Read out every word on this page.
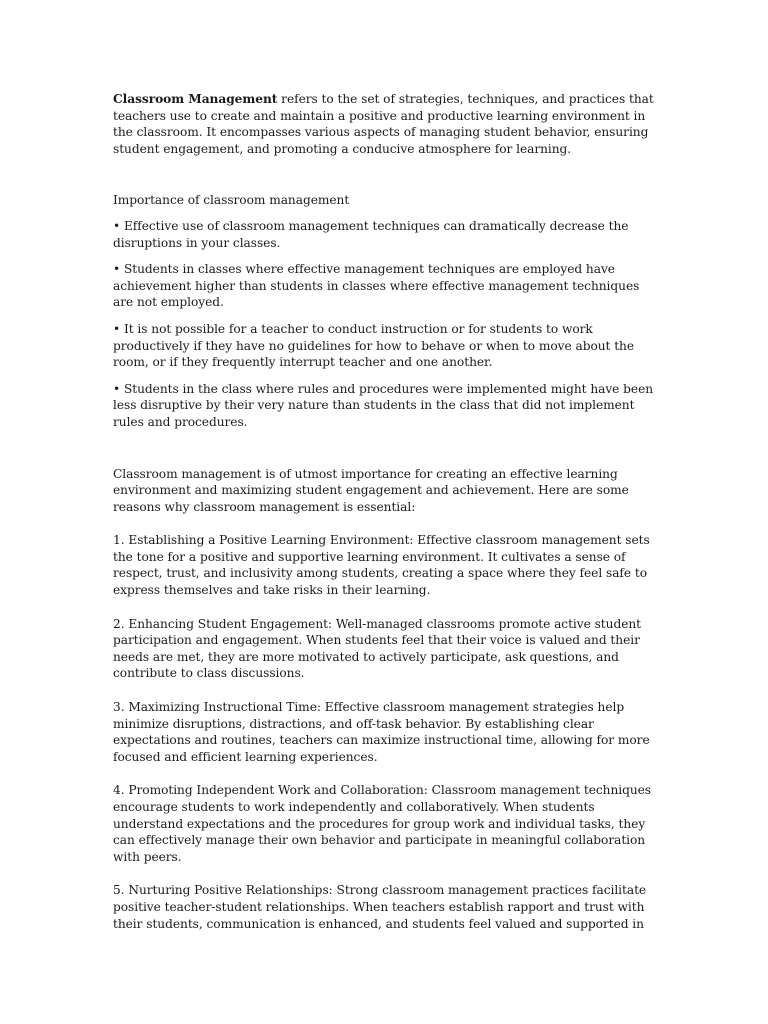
Classroom Management refers to the set of strategies, techniques, and practices that teachers use to create and maintain a positive and productive learning environment in the classroom. It encompasses various aspects of managing student behavior, ensuring student engagement, and promoting a conducive atmosphere for learning.

Importance of classroom management

• Effective use of classroom management techniques can dramatically decrease the disruptions in your classes.

• Students in classes where effective management techniques are employed have achievement higher than students in classes where effective management techniques are not employed.

• It is not possible for a teacher to conduct instruction or for students to work productively if they have no guidelines for how to behave or when to move about the room, or if they frequently interrupt teacher and one another.

• Students in the class where rules and procedures were implemented might have been less disruptive by their very nature than students in the class that did not implement rules and procedures.

Classroom management is of utmost importance for creating an effective learning environment and maximizing student engagement and achievement. Here are some reasons why classroom management is essential:

1. Establishing a Positive Learning Environment: Effective classroom management sets the tone for a positive and supportive learning environment. It cultivates a sense of respect, trust, and inclusivity among students, creating a space where they feel safe to express themselves and take risks in their learning.

2. Enhancing Student Engagement: Well-managed classrooms promote active student participation and engagement. When students feel that their voice is valued and their needs are met, they are more motivated to actively participate, ask questions, and contribute to class discussions.

3. Maximizing Instructional Time: Effective classroom management strategies help minimize disruptions, distractions, and off-task behavior. By establishing clear expectations and routines, teachers can maximize instructional time, allowing for more focused and efficient learning experiences.

4. Promoting Independent Work and Collaboration: Classroom management techniques encourage students to work independently and collaboratively. When students understand expectations and the procedures for group work and individual tasks, they can effectively manage their own behavior and participate in meaningful collaboration with peers.

5. Nurturing Positive Relationships: Strong classroom management practices facilitate positive teacher-student relationships. When teachers establish rapport and trust with their students, communication is enhanced, and students feel valued and supported in
